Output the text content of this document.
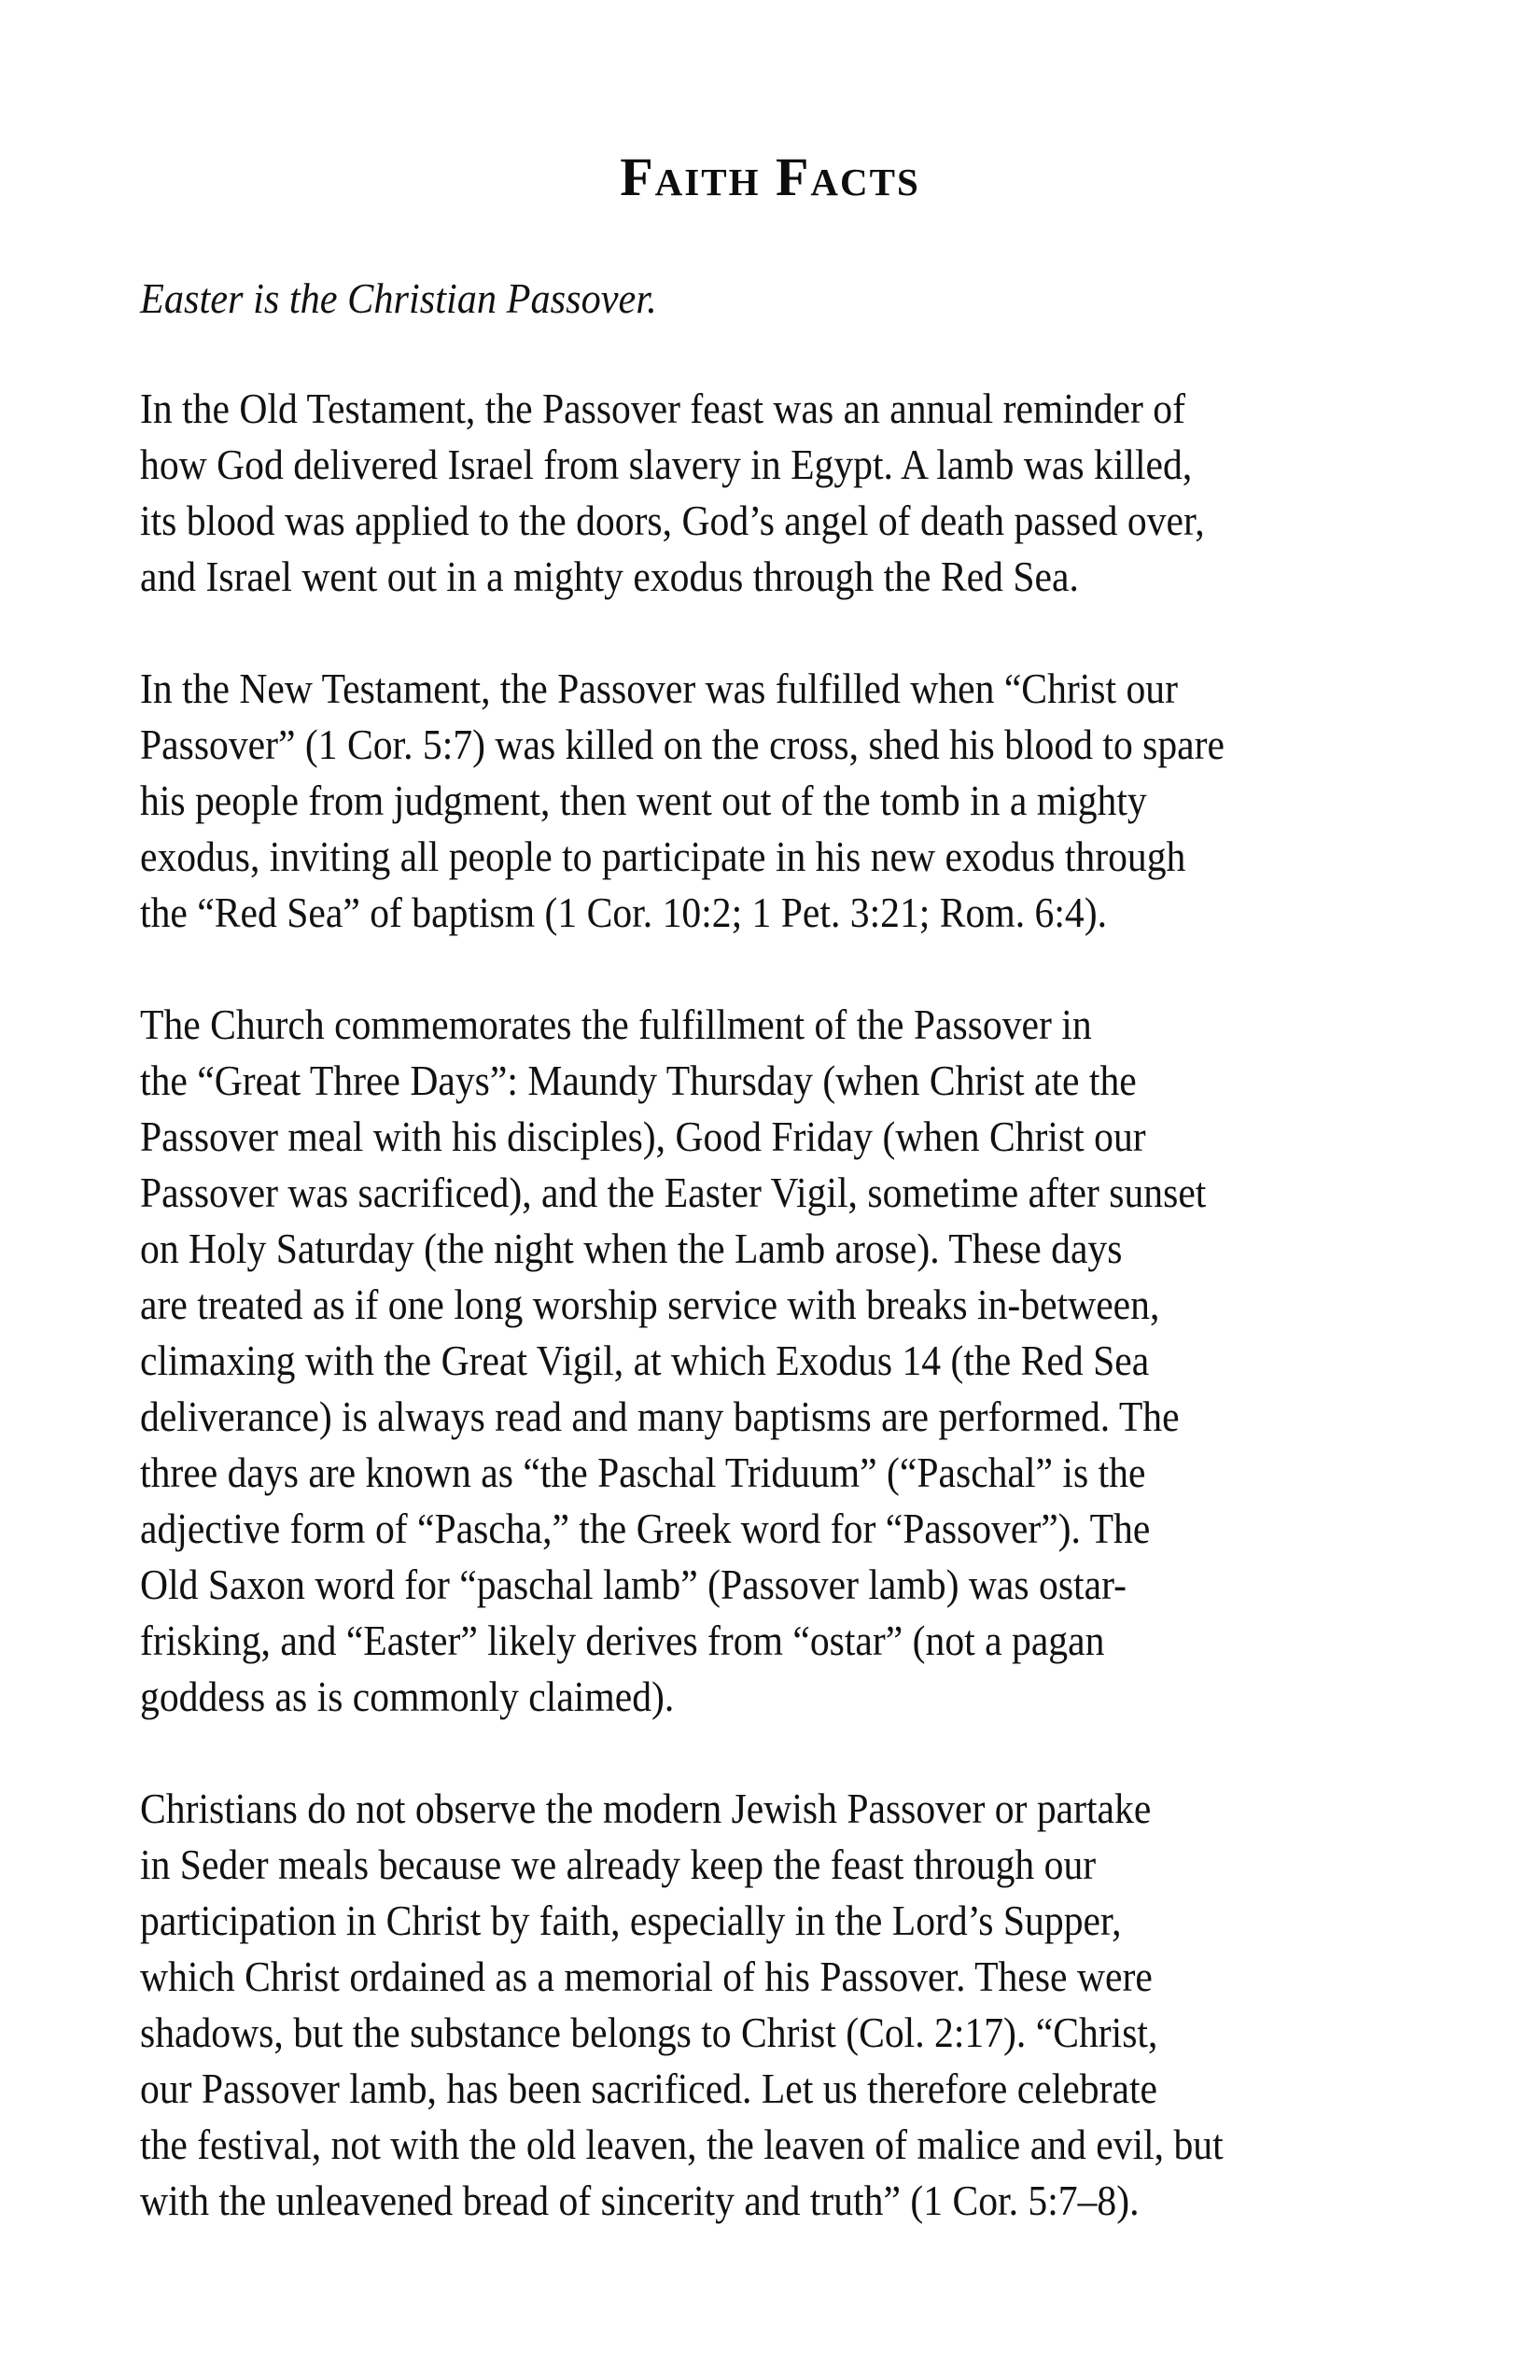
Faith Facts
Easter is the Christian Passover.
In the Old Testament, the Passover feast was an annual reminder of
how God delivered Israel from slavery in Egypt. A lamb was killed,
its blood was applied to the doors, God’s angel of death passed over,
and Israel went out in a mighty exodus through the Red Sea.
In the New Testament, the Passover was fulfilled when “Christ our
Passover” (1 Cor. 5:7) was killed on the cross, shed his blood to spare
his people from judgment, then went out of the tomb in a mighty
exodus, inviting all people to participate in his new exodus through
the “Red Sea” of baptism (1 Cor. 10:2; 1 Pet. 3:21; Rom. 6:4).
The Church commemorates the fulfillment of the Passover in
the “Great Three Days”: Maundy Thursday (when Christ ate the
Passover meal with his disciples), Good Friday (when Christ our
Passover was sacrificed), and the Easter Vigil, sometime after sunset
on Holy Saturday (the night when the Lamb arose). These days
are treated as if one long worship service with breaks in-between,
climaxing with the Great Vigil, at which Exodus 14 (the Red Sea
deliverance) is always read and many baptisms are performed. The
three days are known as “the Paschal Triduum” (“Paschal” is the
adjective form of “Pascha,” the Greek word for “Passover”). The
Old Saxon word for “paschal lamb” (Passover lamb) was ostar-
frisking, and “Easter” likely derives from “ostar” (not a pagan
goddess as is commonly claimed).
Christians do not observe the modern Jewish Passover or partake
in Seder meals because we already keep the feast through our
participation in Christ by faith, especially in the Lord’s Supper,
which Christ ordained as a memorial of his Passover. These were
shadows, but the substance belongs to Christ (Col. 2:17). “Christ,
our Passover lamb, has been sacrificed. Let us therefore celebrate
the festival, not with the old leaven, the leaven of malice and evil, but
with the unleavened bread of sincerity and truth” (1 Cor. 5:7–8).
